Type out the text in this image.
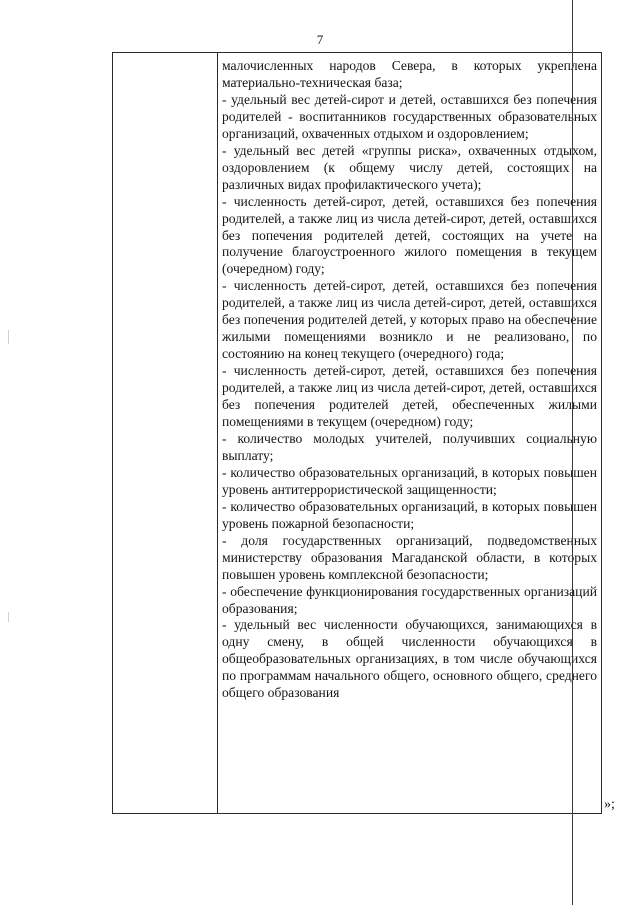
7
малочисленных народов Севера, в которых укреплена материально-техническая база;
- удельный вес детей-сирот и детей, оставшихся без попечения родителей - воспитанников государственных образовательных организаций, охваченных отдыхом и оздоровлением;
- удельный вес детей «группы риска», охваченных отдыхом, оздоровлением (к общему числу детей, состоящих на различных видах профилактического учета);
- численность детей-сирот, детей, оставшихся без попечения родителей, а также лиц из числа детей-сирот, детей, оставшихся без попечения родителей детей, состоящих на учете на получение благоустроенного жилого помещения в текущем (очередном) году;
- численность детей-сирот, детей, оставшихся без попечения родителей, а также лиц из числа детей-сирот, детей, оставшихся без попечения родителей детей, у которых право на обеспечение жилыми помещениями возникло и не реализовано, по состоянию на конец текущего (очередного) года;
- численность детей-сирот, детей, оставшихся без попечения родителей, а также лиц из числа детей-сирот, детей, оставшихся без попечения родителей детей, обеспеченных жилыми помещениями в текущем (очередном) году;
- количество молодых учителей, получивших социальную выплату;
- количество образовательных организаций, в которых повышен уровень антитеррористической защищенности;
- количество образовательных организаций, в которых повышен уровень пожарной безопасности;
- доля государственных организаций, подведомственных министерству образования Магаданской области, в которых повышен уровень комплексной безопасности;
- обеспечение функционирования государственных организаций образования;
- удельный вес численности обучающихся, занимающихся в одну смену, в общей численности обучающихся в общеобразовательных организациях, в том числе обучающихся по программам начального общего, основного общего, среднего общего образования
»;
